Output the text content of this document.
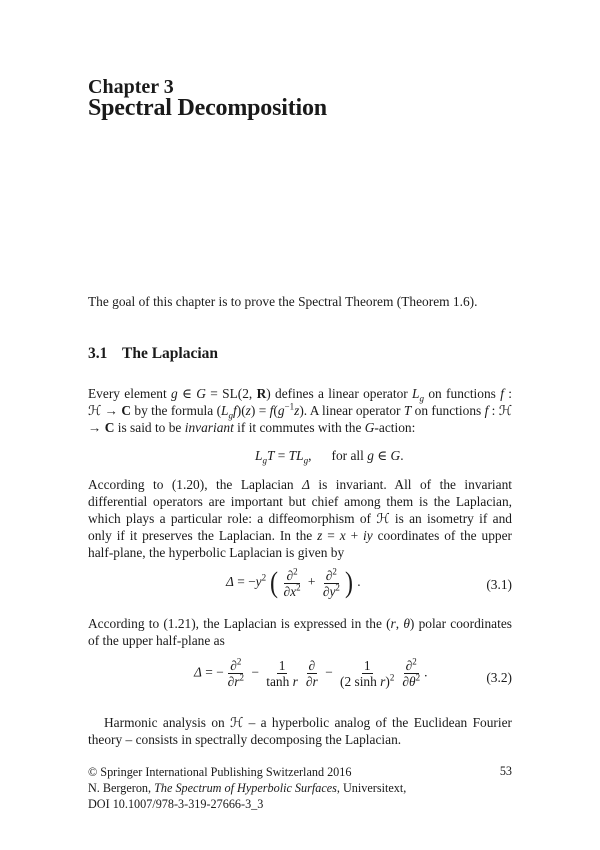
Chapter 3
Spectral Decomposition
The goal of this chapter is to prove the Spectral Theorem (Theorem 1.6).
3.1 The Laplacian
Every element g ∈ G = SL(2, R) defines a linear operator $L_g$ on functions f : ℋ → C by the formula $(L_gf)(z) = f(g^{-1}z)$. A linear operator T on functions f : ℋ → C is said to be invariant if it commutes with the G-action:
$L_gT = TL_g$,      for all g ∈ G.
According to (1.20), the Laplacian Δ is invariant. All of the invariant differential operators are important but chief among them is the Laplacian, which plays a particular role: a diffeomorphism of ℋ is an isometry if and only if it preserves the Laplacian. In the z = x + iy coordinates of the upper half-plane, the hyperbolic Laplacian is given by
$\Delta = -y^2$ ( $\frac{\partial^2}{\partial x^2} + \frac{\partial^2}{\partial y^2}$ ) .	(3.1)
According to (1.21), the Laplacian is expressed in the (r, θ) polar coordinates of the upper half-plane as
Δ = − $\frac{\partial^2}{\partial r^2} - \frac{1}{\text{tanh r}} \frac{\partial}{\partial r} - \frac{1}{(2 \sinh r)^2} \frac{\partial^2}{\partial\theta^2}$ .	(3.2)
Harmonic analysis on ℋ – a hyperbolic analog of the Euclidean Fourier theory – consists in spectrally decomposing the Laplacian.
© Springer International Publishing Switzerland 2016
N. Bergeron, The Spectrum of Hyperbolic Surfaces, Universitext,
DOI 10.1007/978-3-319-27666-3_3
53
